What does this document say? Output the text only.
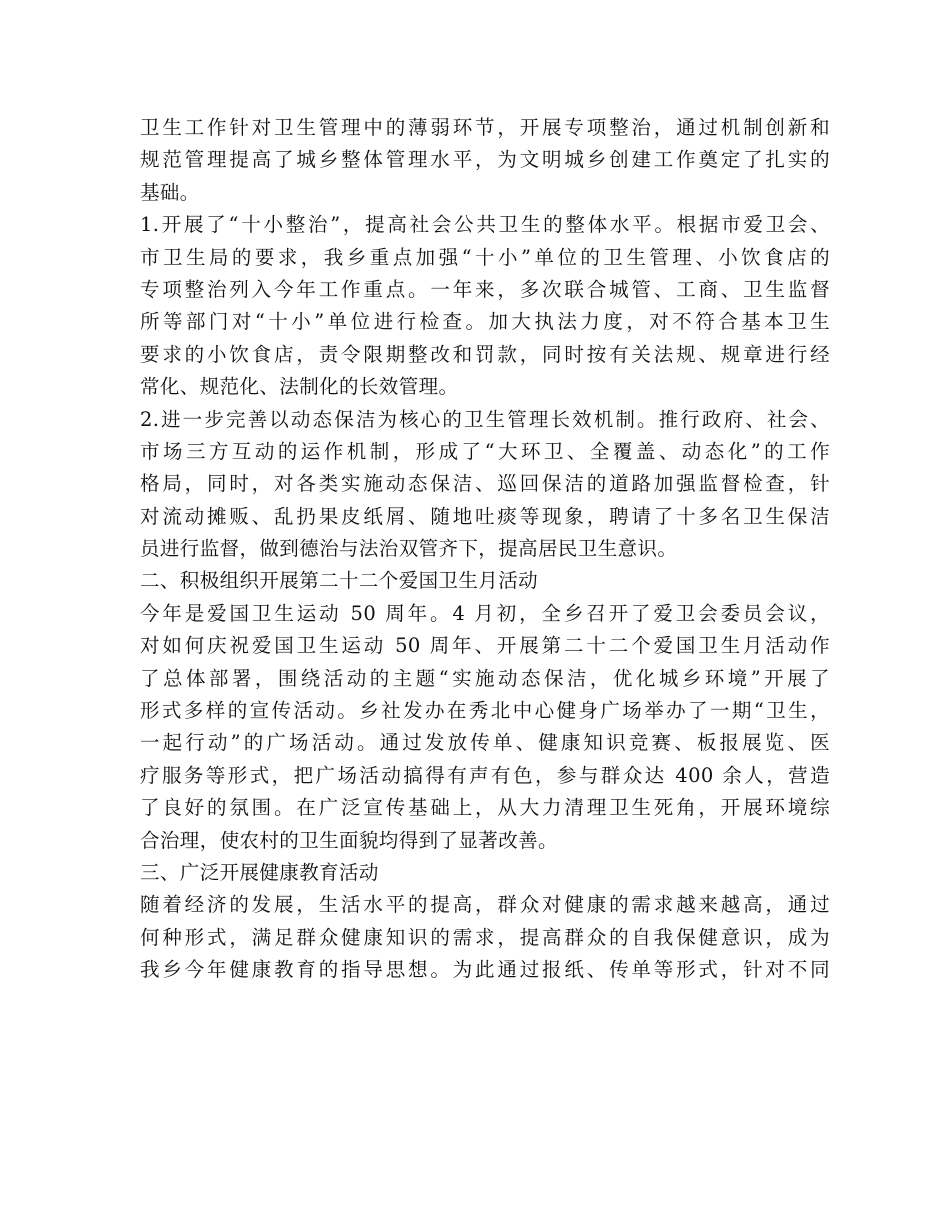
卫生工作针对卫生管理中的薄弱环节，开展专项整治，通过机制创新和
规范管理提高了城乡整体管理水平，为文明城乡创建工作奠定了扎实的
基础。
1.开展了“十小整治”，提高社会公共卫生的整体水平。根据市爱卫会、
市卫生局的要求，我乡重点加强“十小”单位的卫生管理、小饮食店的
专项整治列入今年工作重点。一年来，多次联合城管、工商、卫生监督
所等部门对“十小”单位进行检查。加大执法力度，对不符合基本卫生
要求的小饮食店，责令限期整改和罚款，同时按有关法规、规章进行经
常化、规范化、法制化的长效管理。
2.进一步完善以动态保洁为核心的卫生管理长效机制。推行政府、社会、
市场三方互动的运作机制，形成了“大环卫、全覆盖、动态化”的工作
格局，同时，对各类实施动态保洁、巡回保洁的道路加强监督检查，针
对流动摊贩、乱扔果皮纸屑、随地吐痰等现象，聘请了十多名卫生保洁
员进行监督，做到德治与法治双管齐下，提高居民卫生意识。
二、积极组织开展第二十二个爱国卫生月活动
今年是爱国卫生运动 50 周年。4 月初，全乡召开了爱卫会委员会议，
对如何庆祝爱国卫生运动 50 周年、开展第二十二个爱国卫生月活动作
了总体部署，围绕活动的主题“实施动态保洁，优化城乡环境”开展了
形式多样的宣传活动。乡社发办在秀北中心健身广场举办了一期“卫生，
一起行动”的广场活动。通过发放传单、健康知识竞赛、板报展览、医
疗服务等形式，把广场活动搞得有声有色，参与群众达 400 余人，营造
了良好的氛围。在广泛宣传基础上，从大力清理卫生死角，开展环境综
合治理，使农村的卫生面貌均得到了显著改善。
三、广泛开展健康教育活动
随着经济的发展，生活水平的提高，群众对健康的需求越来越高，通过
何种形式，满足群众健康知识的需求，提高群众的自我保健意识，成为
我乡今年健康教育的指导思想。为此通过报纸、传单等形式，针对不同
